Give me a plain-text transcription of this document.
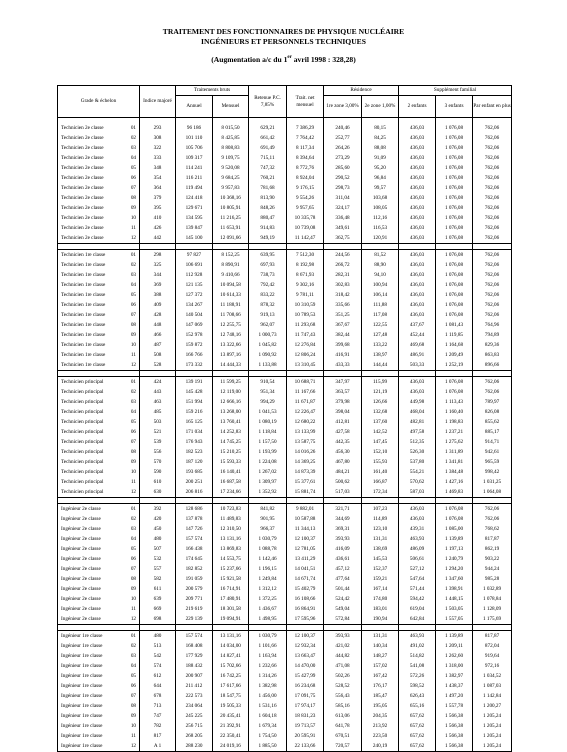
TRAITEMENT DES FONCTIONNAIRES DE PHYSIQUE NUCLÉAIRE
INGÉNIEURS ET PERSONNELS TECHNIQUES
(Augmentation a/c du 1er avril 1998 : 328,28)
Grade & échelon	Indice majoré	Traitements bruts		Retenue P.C. 7,85%	Trait. net mensuel	Résidence		Supplément familial		
		Annuel	Mensuel			1re zone 3,00%	2e zone 1,00%	2 enfants	3 enfants	Par enfant en plus

Technicien 2e classe 01	293	96 186	8 015,50	629,21	7 386,29	240,46	80,15	436,03	1 076,08	762,06
Technicien 2e classe 02	308	101 110	8 425,85	661,42	7 764,42	252,77	84,25	436,03	1 076,08	762,06
Technicien 2e classe 03	322	105 706	8 808,83	691,49	8 117,34	264,26	88,08	436,03	1 076,08	762,06
Technicien 2e classe 04	333	109 317	9 109,75	715,11	8 394,64	273,29	91,09	436,03	1 076,08	762,06
Technicien 2e classe 05	348	114 241	9 520,08	747,32	8 772,76	285,60	95,20	436,03	1 076,08	762,06
Technicien 2e classe 06	354	116 211	9 684,25	760,21	8 924,04	290,52	96,84	436,03	1 076,08	762,06
Technicien 2e classe 07	364	119 494	9 957,83	781,68	9 176,15	298,73	99,57	436,03	1 076,08	762,06
Technicien 2e classe 08	379	124 418	10 368,16	813,90	9 554,26	311,04	103,68	436,03	1 076,08	762,06
Technicien 2e classe 09	395	129 671	10 805,91	848,26	9 957,65	324,17	108,05	436,03	1 076,08	762,06
Technicien 2e classe 10	410	134 595	11 216,25	880,47	10 335,78	336,48	112,16	436,03	1 076,08	762,06
Technicien 2e classe 11	426	139 847	11 653,91	914,83	10 739,08	349,61	116,53	436,03	1 076,08	762,06
Technicien 2e classe 12	442	145 100	12 091,66	949,19	11 142,47	362,75	120,91	436,03	1 076,08	762,06

Technicien 1re classe 01	298	97 827	8 152,25	639,95	7 512,30	244,56	81,52	436,03	1 076,08	762,06
Technicien 1re classe 02	325	106 691	8 890,91	697,93	8 192,98	266,72	88,90	436,03	1 076,08	762,06
Technicien 1re classe 03	344	112 928	9 410,66	738,73	8 671,93	282,31	94,10	436,03	1 076,08	762,06
Technicien 1re classe 04	369	121 135	10 094,58	792,42	9 302,16	302,83	100,94	436,03	1 076,08	762,06
Technicien 1re classe 05	388	127 372	10 614,33	833,22	9 781,11	318,42	106,14	436,03	1 076,08	762,06
Technicien 1re classe 06	409	134 267	11 188,91	878,32	10 310,59	335,66	111,88	436,03	1 076,08	762,06
Technicien 1re classe 07	428	140 504	11 708,66	919,13	10 789,53	351,25	117,08	436,03	1 076,08	762,06
Technicien 1re classe 08	448	147 069	12 255,75	962,07	11 293,68	367,67	122,55	437,67	1 081,43	764,96
Technicien 1re classe 09	466	152 978	12 748,16	1 000,73	11 747,43	382,44	127,48	452,44	1 119,85	794,89
Technicien 1re classe 10	487	159 872	13 322,66	1 045,82	12 276,84	399,68	133,22	469,68	1 164,68	829,36
Technicien 1re classe 11	508	166 766	13 897,16	1 090,92	12 806,24	416,91	138,97	486,91	1 209,49	863,83
Technicien 1re classe 12	528	173 332	14 444,33	1 133,88	13 310,45	433,33	144,44	503,33	1 252,19	896,66

Technicien principal 01	424	139 191	11 599,25	910,54	10 688,71	347,97	115,99	436,03	1 076,08	762,06
Technicien principal 02	443	145 428	12 119,00	951,34	11 167,66	363,57	121,19	436,03	1 076,08	762,06
Technicien principal 03	463	151 994	12 666,16	994,29	11 671,87	379,98	126,66	449,98	1 113,43	789,97
Technicien principal 04	485	159 216	13 268,00	1 041,53	12 226,47	398,04	132,68	468,04	1 160,40	826,08
Technicien principal 05	503	165 125	13 760,41	1 080,19	12 680,22	412,81	137,60	482,81	1 198,83	855,62
Technicien principal 06	521	171 034	14 252,83	1 118,84	13 133,99	427,58	142,52	497,58	1 237,21	885,17
Technicien principal 07	539	176 943	14 745,25	1 157,50	13 587,75	442,35	147,45	512,35	1 275,62	914,71
Technicien principal 08	556	182 523	15 210,25	1 193,99	14 016,26	456,30	152,10	526,30	1 311,89	942,61
Technicien principal 09	570	187 120	15 593,33	1 224,08	14 369,25	467,80	155,93	537,80	1 341,81	965,59
Technicien principal 10	590	193 685	16 140,41	1 267,02	14 873,39	484,21	161,40	554,21	1 384,48	998,42
Technicien principal 11	610	200 251	16 687,58	1 309,97	15 377,61	500,62	166,87	570,62	1 427,16	1 031,25
Technicien principal 12	630	206 816	17 234,66	1 352,92	15 881,74	517,03	172,34	587,03	1 469,83	1 064,08

Ingénieur 2e classe 01	392	128 686	10 723,83	841,82	9 882,01	321,71	107,23	436,03	1 076,08	762,06
Ingénieur 2e classe 02	420	137 878	11 489,83	901,95	10 587,88	344,69	114,89	436,03	1 076,08	762,06
Ingénieur 2e classe 03	450	147 726	12 310,50	966,37	11 344,13	369,31	123,10	439,31	1 085,00	768,62
Ingénieur 2e classe 04	480	157 574	13 131,16	1 030,79	12 100,37	393,93	131,31	463,93	1 139,89	817,87
Ingénieur 2e classe 05	507	166 438	13 869,83	1 088,78	12 781,05	416,09	138,69	486,09	1 197,13	862,19
Ingénieur 2e classe 06	532	174 645	14 553,75	1 142,46	13 411,29	436,61	145,53	506,61	1 240,79	903,22
Ingénieur 2e classe 07	557	182 852	15 237,66	1 196,15	14 041,51	457,12	152,37	527,12	1 294,20	944,24
Ingénieur 2e classe 08	582	191 059	15 921,58	1 249,84	14 671,74	477,64	159,21	547,64	1 347,60	985,28
Ingénieur 2e classe 09	611	200 579	16 714,91	1 312,12	15 402,79	501,44	167,14	571,44	1 398,91	1 032,89
Ingénieur 2e classe 10	639	209 771	17 480,91	1 372,25	16 108,66	524,42	174,80	594,42	1 448,15	1 078,84
Ingénieur 2e classe 11	669	219 619	18 301,58	1 436,67	16 864,91	549,04	183,01	619,04	1 503,05	1 128,09
Ingénieur 2e classe 12	698	229 139	19 094,91	1 498,95	17 595,96	572,84	190,94	642,84	1 557,05	1 175,69

Ingénieur 1re classe 01	480	157 574	13 131,16	1 030,79	12 100,37	393,93	131,31	463,93	1 139,89	817,87
Ingénieur 1re classe 02	513	168 408	14 034,00	1 101,66	12 932,34	421,02	140,34	491,02	1 209,11	872,04
Ingénieur 1re classe 03	542	177 929	14 827,41	1 163,94	13 663,47	444,82	148,27	514,82	1 262,60	919,64
Ingénieur 1re classe 04	574	188 432	15 702,66	1 232,66	14 470,00	471,08	157,02	541,08	1 318,00	972,16
Ingénieur 1re classe 05	612	200 907	16 742,25	1 314,26	15 427,99	502,26	167,42	572,26	1 382,97	1 034,52
Ingénieur 1re classe 06	644	211 412	17 617,66	1 382,98	16 234,68	528,52	176,17	598,52	1 438,37	1 087,03
Ingénieur 1re classe 07	678	222 573	18 547,75	1 456,00	17 091,75	556,43	185,47	626,43	1 497,20	1 142,84
Ingénieur 1re classe 08	713	234 064	19 505,33	1 531,16	17 974,17	585,16	195,05	655,16	1 557,78	1 200,27
Ingénieur 1re classe 09	747	245 225	20 435,41	1 604,18	18 831,23	613,06	204,35	657,62	1 566,38	1 205,24
Ingénieur 1re classe 10	782	256 715	21 392,91	1 679,34	19 713,57	641,78	213,92	657,62	1 566,38	1 205,24
Ingénieur 1re classe 11	817	268 205	22 350,41	1 754,50	20 595,91	670,51	223,50	657,62	1 566,38	1 205,24
Ingénieur 1re classe 12	A 1	288 230	24 019,16	1 885,50	22 133,66	720,57	240,19	657,62	1 566,38	1 205,24
